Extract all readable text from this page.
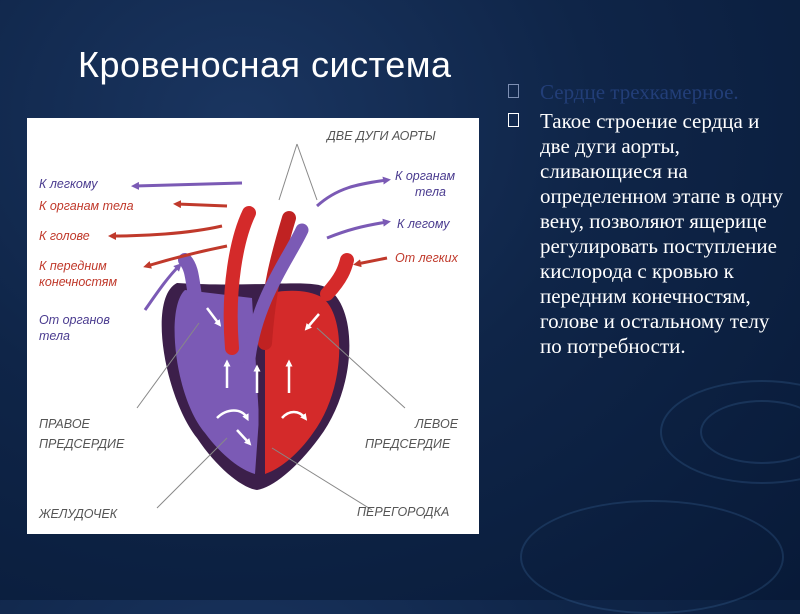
Кровеносная система
ДВЕ ДУГИ АОРТЫ
К легкому
К органам тела
К голове
К передним
конечностям
От органов
тела
К органам
тела
К легому
От легких
ПРАВОЕ
ПРЕДСЕРДИЕ
ЛЕВОЕ
ПРЕДСЕРДИЕ
ЖЕЛУДОЧЕК	ПЕРЕГОРОДКА
Сердце трехкамерное.
Такое строение сердца и две дуги аорты, сливающиеся на определенном этапе в одну вену, позволяют ящерице регулировать поступление кислорода с кровью к передним конечностям, голове и остальному телу по потребности.
